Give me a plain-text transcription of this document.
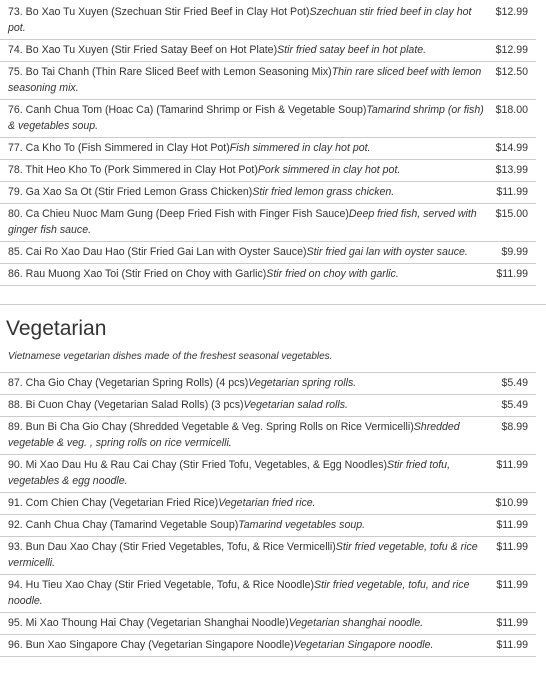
73. Bo Xao Tu Xuyen (Szechuan Stir Fried Beef in Clay Hot Pot)Szechuan stir fried beef in clay hot pot.
$12.99
74. Bo Xao Tu Xuyen (Stir Fried Satay Beef on Hot Plate)Stir fried satay beef in hot plate.	$12.99
75. Bo Tai Chanh (Thin Rare Sliced Beef with Lemon Seasoning Mix)Thin rare sliced beef with lemon seasoning mix.
$12.50
76. Canh Chua Tom (Hoac Ca) (Tamarind Shrimp or Fish & Vegetable Soup)Tamarind shrimp (or fish) & vegetables soup.
$18.00
77. Ca Kho To (Fish Simmered in Clay Hot Pot)Fish simmered in clay hot pot.	$14.99
78. Thit Heo Kho To (Pork Simmered in Clay Hot Pot)Pork simmered in clay hot pot.	$13.99
79. Ga Xao Sa Ot (Stir Fried Lemon Grass Chicken)Stir fried lemon grass chicken.	$11.99
80. Ca Chieu Nuoc Mam Gung (Deep Fried Fish with Finger Fish Sauce)Deep fried fish, served with ginger fish sauce.
$15.00
85. Cai Ro Xao Dau Hao (Stir Fried Gai Lan with Oyster Sauce)Stir fried gai lan with oyster sauce.	$9.99
86. Rau Muong Xao Toi (Stir Fried on Choy with Garlic)Stir fried on choy with garlic.	$11.99
Vegetarian
Vietnamese vegetarian dishes made of the freshest seasonal vegetables.
87. Cha Gio Chay (Vegetarian Spring Rolls) (4 pcs)Vegetarian spring rolls.	$5.49
88. Bi Cuon Chay (Vegetarian Salad Rolls) (3 pcs)Vegetarian salad rolls.	$5.49
89. Bun Bi Cha Gio Chay (Shredded Vegetable & Veg. Spring Rolls on Rice Vermicelli)Shredded vegetable & veg. , spring rolls on rice vermicelli.
$8.99
90. Mi Xao Dau Hu & Rau Cai Chay (Stir Fried Tofu, Vegetables, & Egg Noodles)Stir fried tofu, vegetables & egg noodle.
$11.99
91. Com Chien Chay (Vegetarian Fried Rice)Vegetarian fried rice.	$10.99
92. Canh Chua Chay (Tamarind Vegetable Soup)Tamarind vegetables soup.	$11.99
93. Bun Dau Xao Chay (Stir Fried Vegetables, Tofu, & Rice Vermicelli)Stir fried vegetable, tofu & rice vermicelli.
$11.99
94. Hu Tieu Xao Chay (Stir Fried Vegetable, Tofu, & Rice Noodle)Stir fried vegetable, tofu, and rice noodle.
$11.99
95. Mi Xao Thoung Hai Chay (Vegetarian Shanghai Noodle)Vegetarian shanghai noodle.	$11.99
96. Bun Xao Singapore Chay (Vegetarian Singapore Noodle)Vegetarian Singapore noodle.	$11.99
